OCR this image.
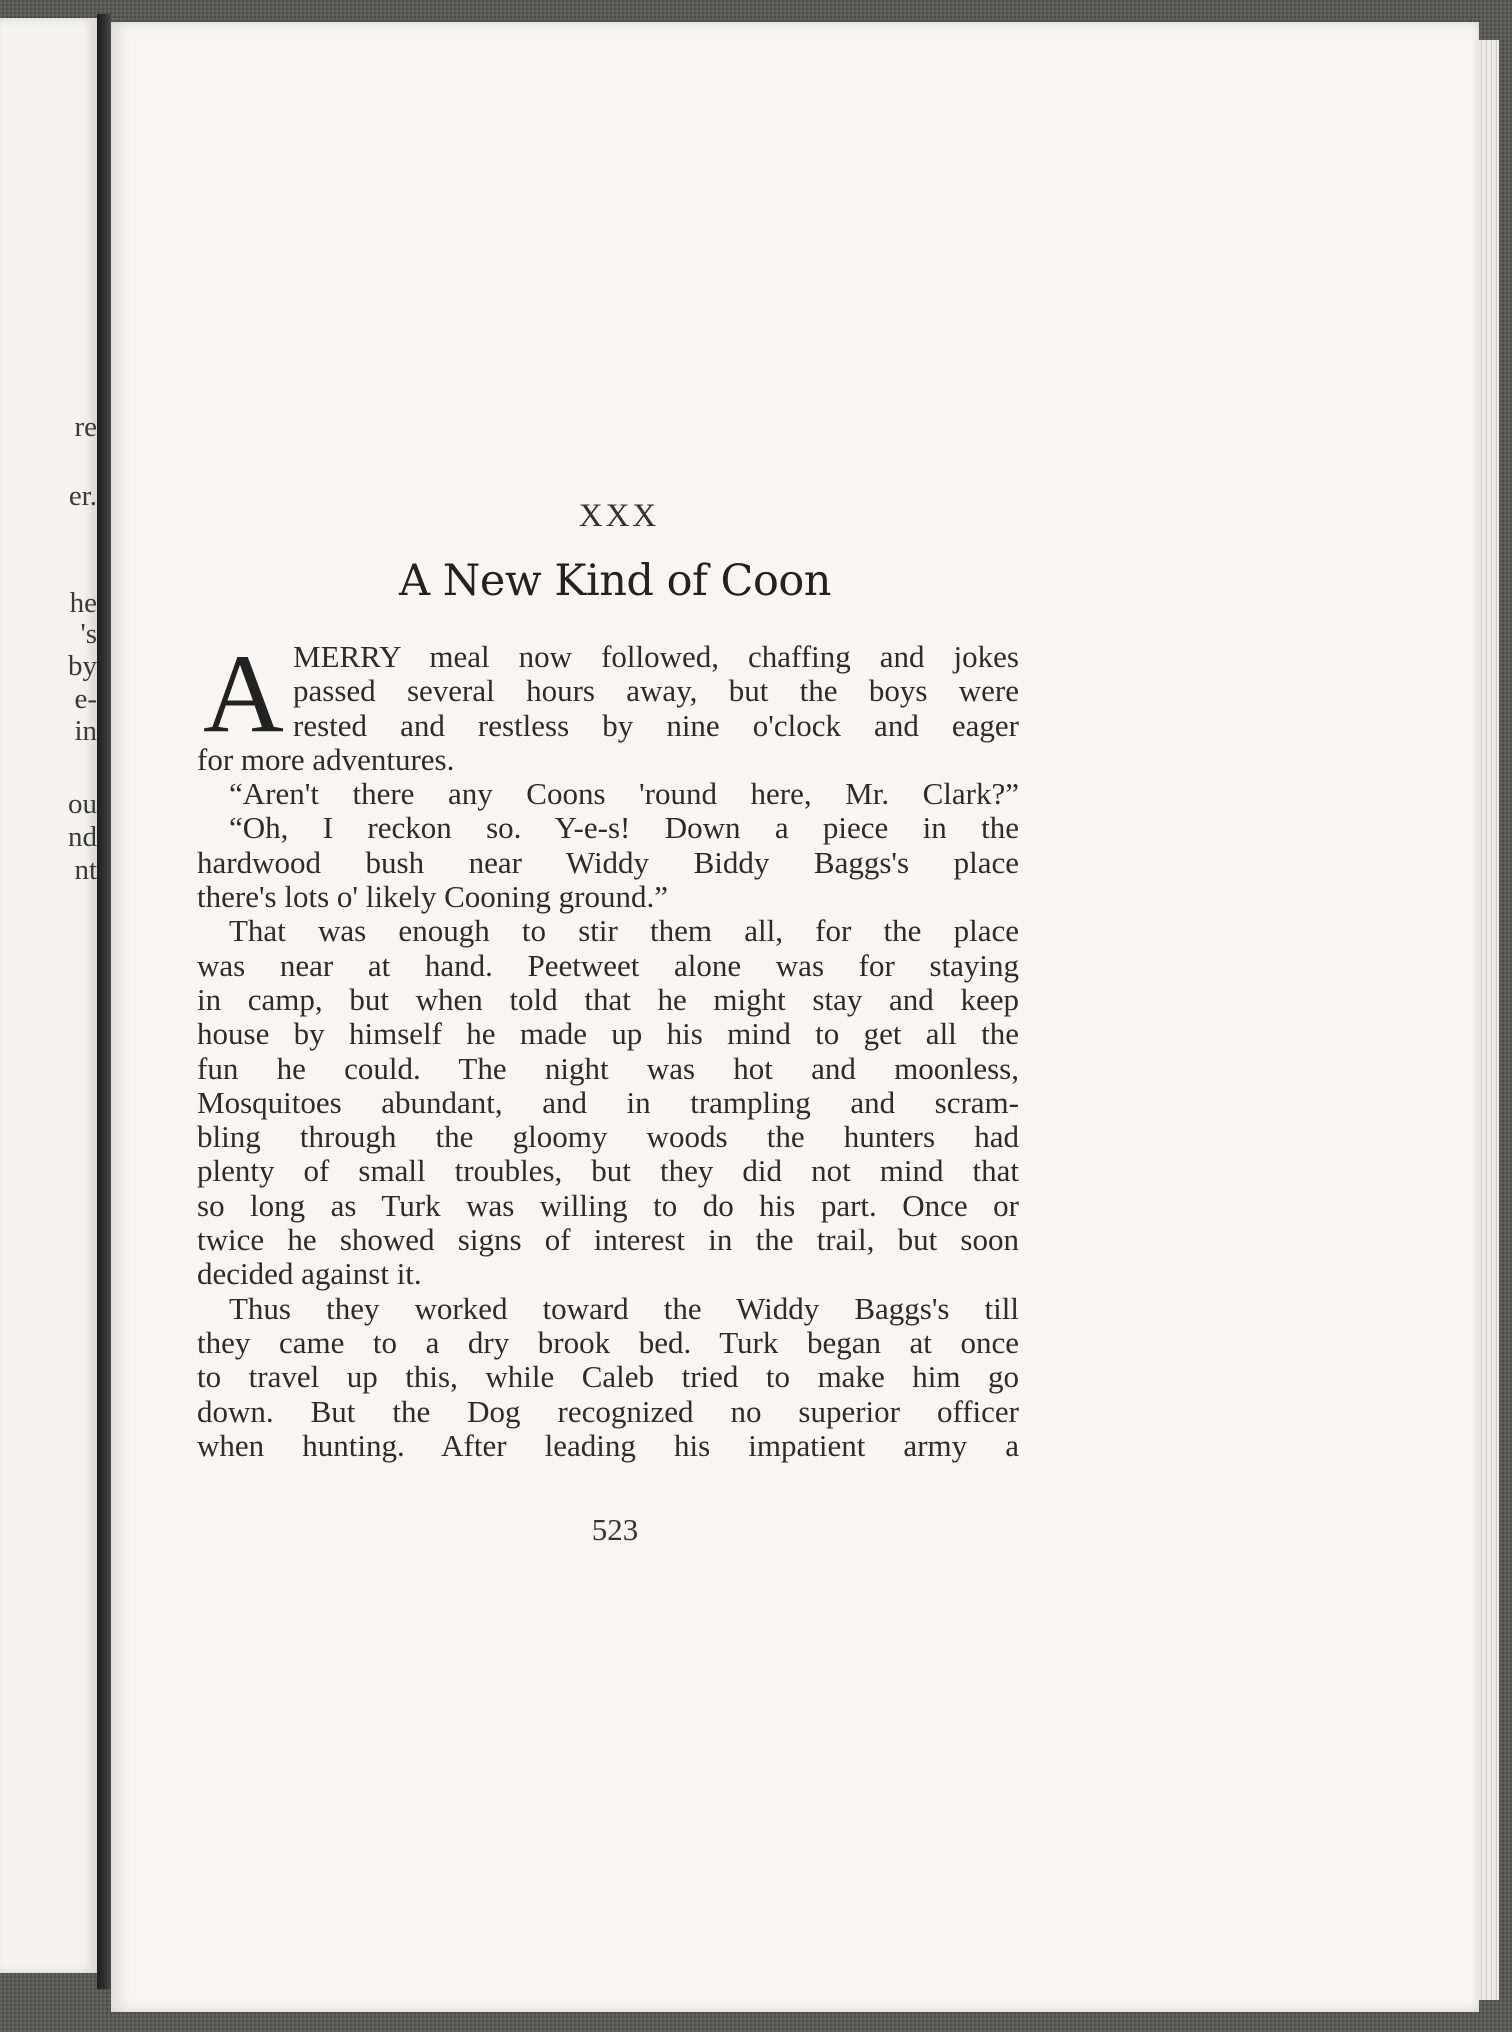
re
er.
he
's
by
e-
in
ou
nd
nt
XXX
A New Kind of Coon
A MERRY meal now followed, chaffing and jokes
passed several hours away, but the boys were
rested and restless by nine o'clock and eager
for more adventures.
“Aren't there any Coons 'round here, Mr. Clark?”
“Oh, I reckon so. Y-e-s! Down a piece in the
hardwood bush near Widdy Biddy Baggs's place
there's lots o' likely Cooning ground.”
That was enough to stir them all, for the place
was near at hand. Peetweet alone was for staying
in camp, but when told that he might stay and keep
house by himself he made up his mind to get all the
fun he could. The night was hot and moonless,
Mosquitoes abundant, and in trampling and scram-
bling through the gloomy woods the hunters had
plenty of small troubles, but they did not mind that
so long as Turk was willing to do his part. Once or
twice he showed signs of interest in the trail, but soon
decided against it.
Thus they worked toward the Widdy Baggs's till
they came to a dry brook bed. Turk began at once
to travel up this, while Caleb tried to make him go
down. But the Dog recognized no superior officer
when hunting. After leading his impatient army a
523
